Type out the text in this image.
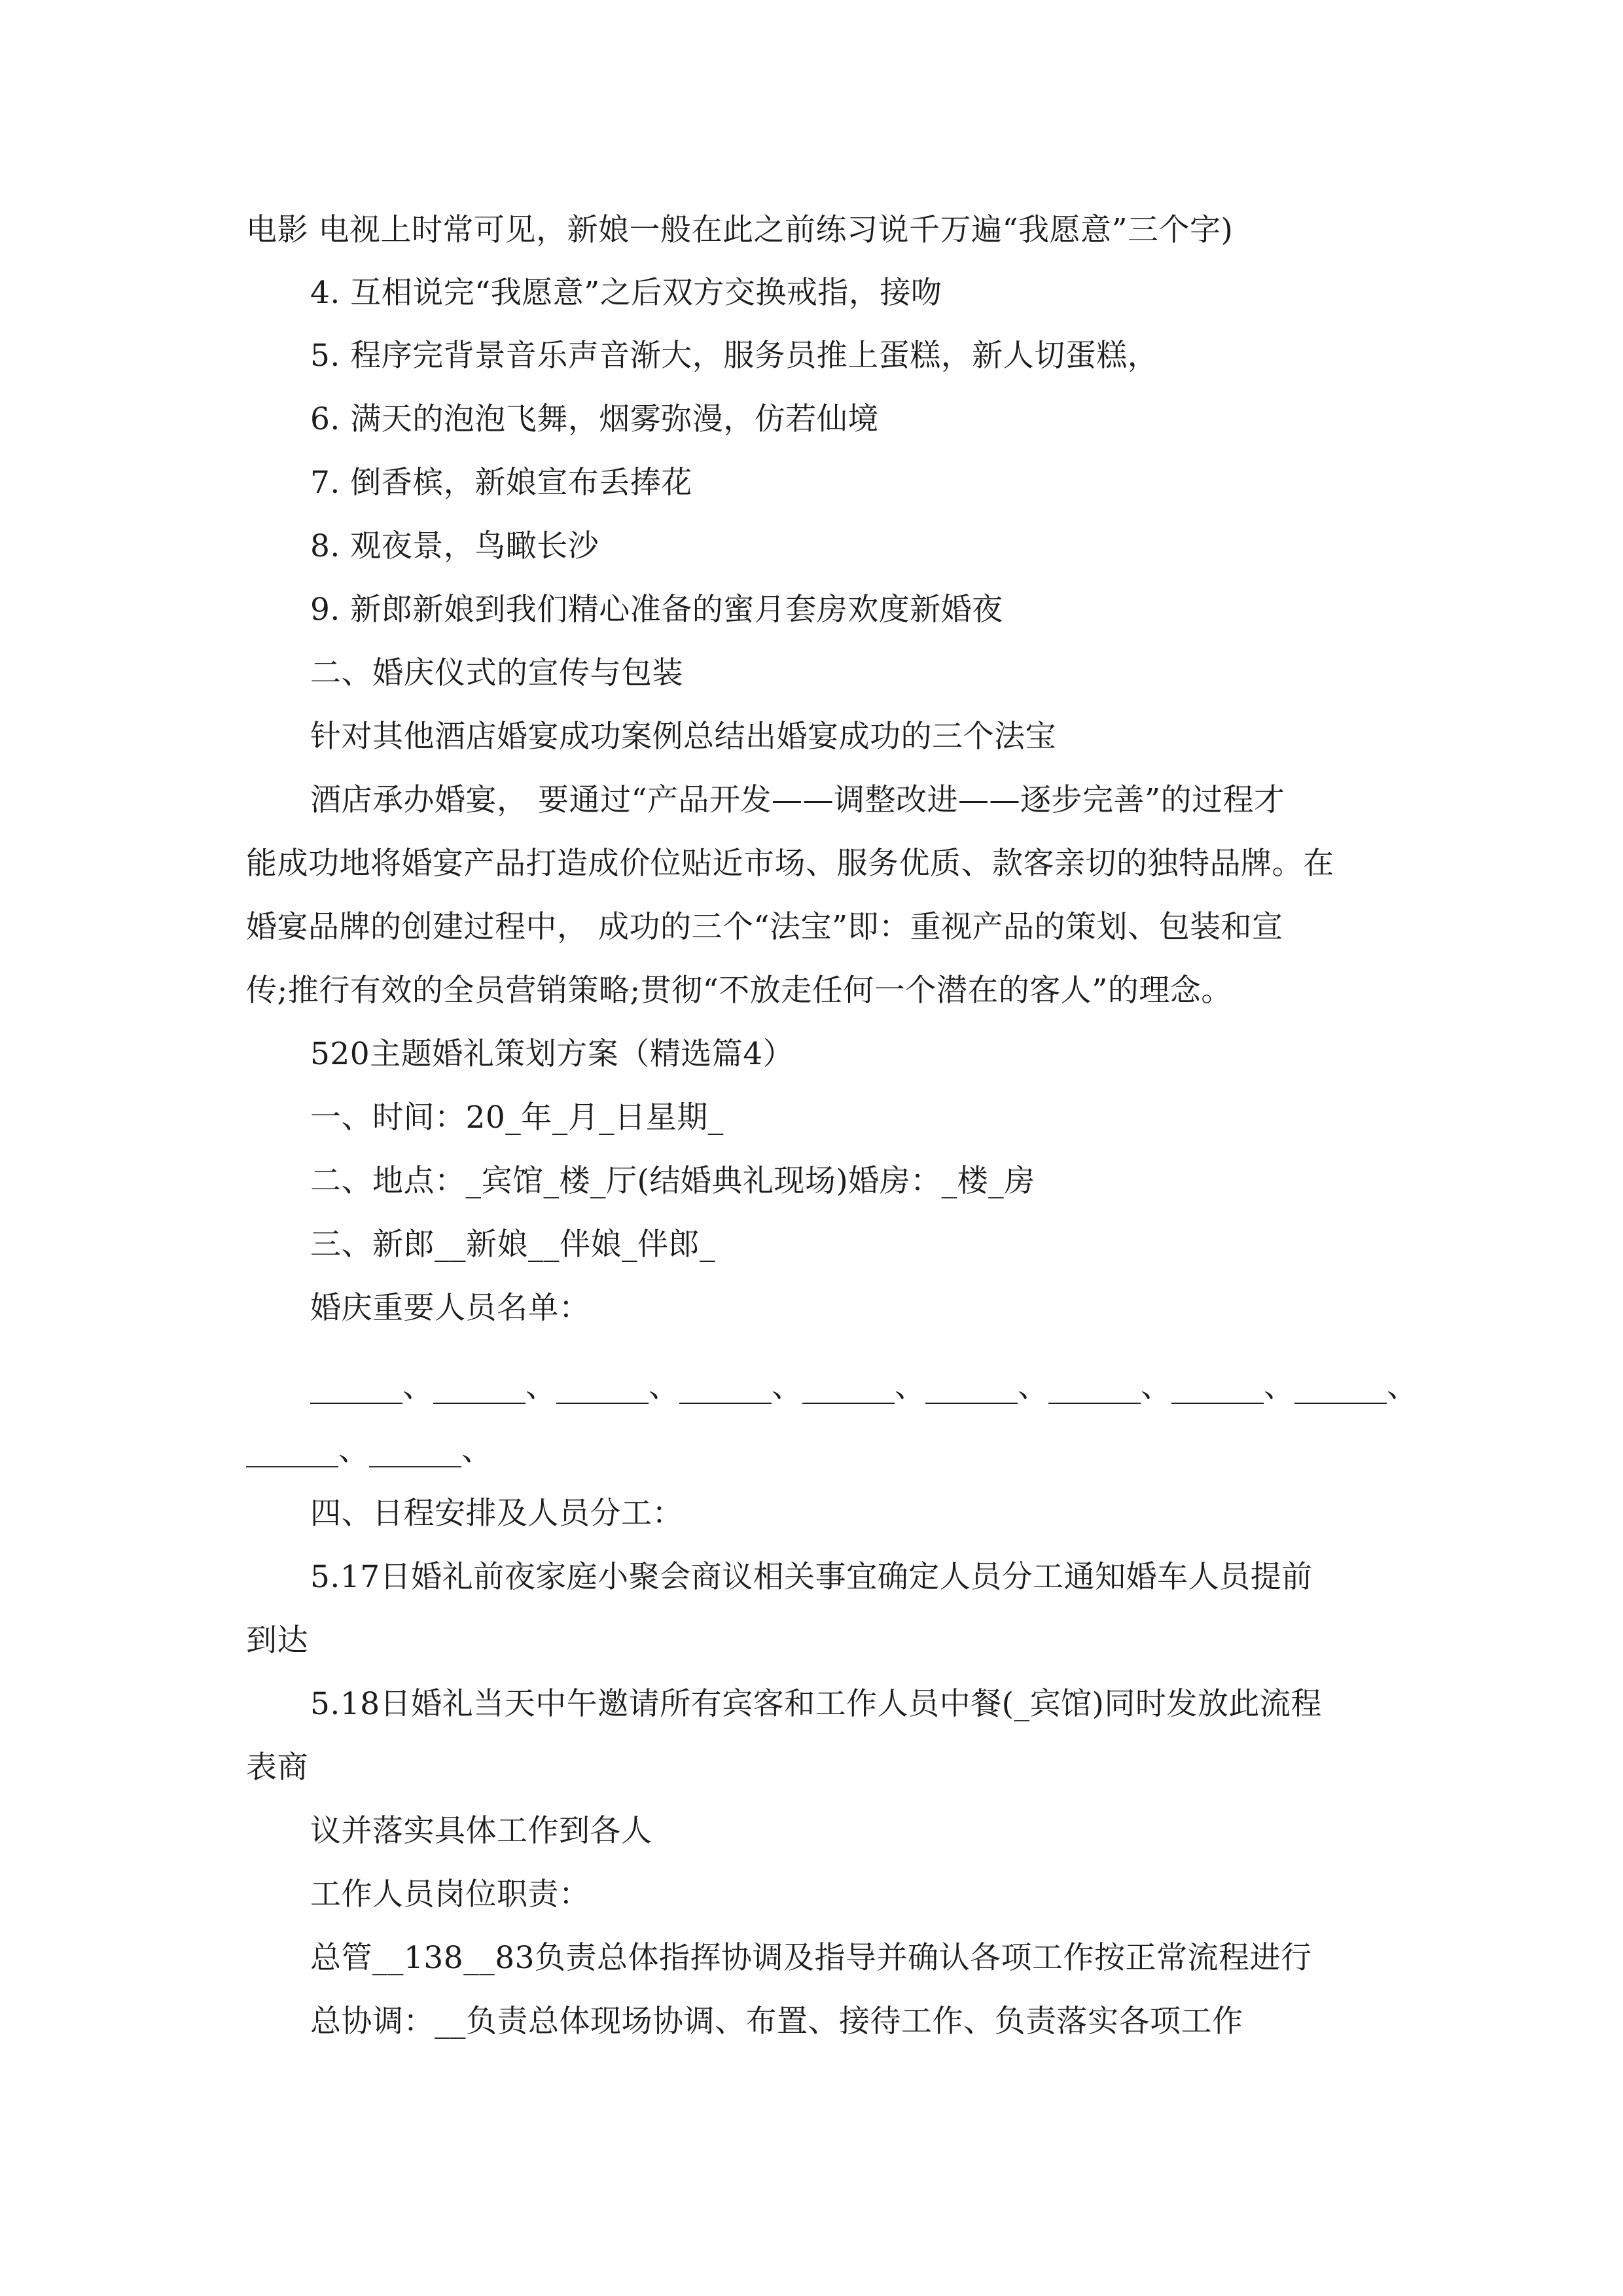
电影 电视上时常可见，新娘一般在此之前练习说千万遍“我愿意”三个字)
4. 互相说完“我愿意”之后双方交换戒指，接吻
5. 程序完背景音乐声音渐大，服务员推上蛋糕，新人切蛋糕，
6. 满天的泡泡飞舞，烟雾弥漫，仿若仙境
7. 倒香槟，新娘宣布丢捧花
8. 观夜景，鸟瞰长沙
9. 新郎新娘到我们精心准备的蜜月套房欢度新婚夜
二、婚庆仪式的宣传与包装
针对其他酒店婚宴成功案例总结出婚宴成功的三个法宝
酒店承办婚宴， 要通过“产品开发——调整改进——逐步完善”的过程才
能成功地将婚宴产品打造成价位贴近市场、服务优质、款客亲切的独特品牌。在
婚宴品牌的创建过程中， 成功的三个“法宝”即：重视产品的策划、包装和宣
传;推行有效的全员营销策略;贯彻“不放走任何一个潜在的客人”的理念。
520主题婚礼策划方案（精选篇4）
一、时间：20_年_月_日星期_
二、地点：_宾馆_楼_厅(结婚典礼现场)婚房：_楼_房
三、新郎__新娘__伴娘_伴郎_
婚庆重要人员名单：
______、______、______、______、______、______、______、______、______、
______、______、
四、日程安排及人员分工：
5.17日婚礼前夜家庭小聚会商议相关事宜确定人员分工通知婚车人员提前
到达
5.18日婚礼当天中午邀请所有宾客和工作人员中餐(_宾馆)同时发放此流程
表商
议并落实具体工作到各人
工作人员岗位职责：
总管__138__83负责总体指挥协调及指导并确认各项工作按正常流程进行
总协调：__负责总体现场协调、布置、接待工作、负责落实各项工作
